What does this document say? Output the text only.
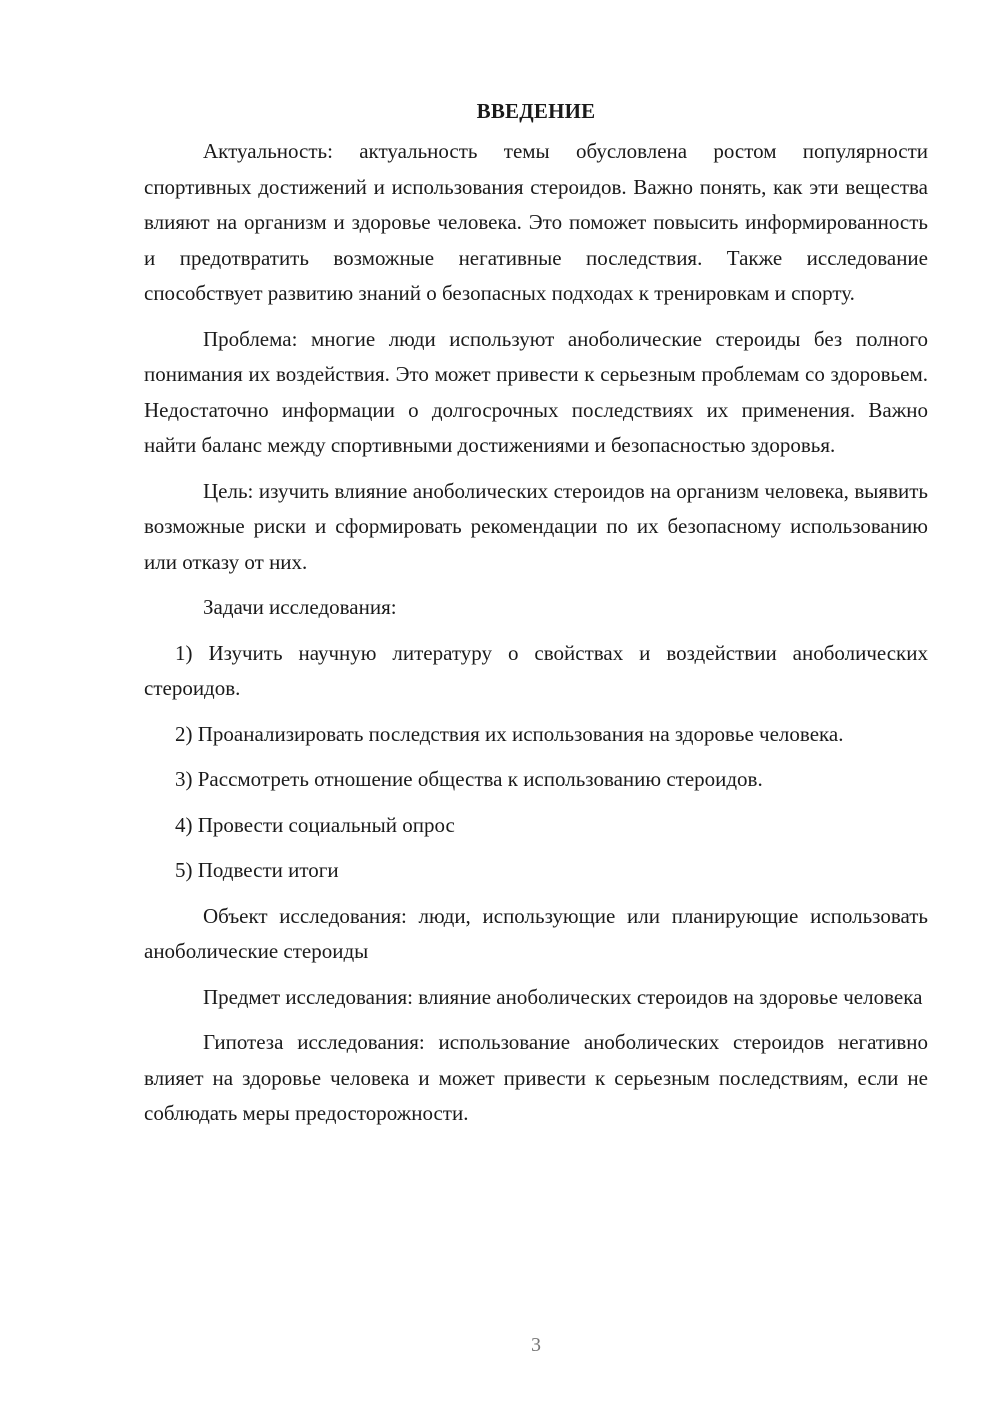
ВВЕДЕНИЕ

Актуальность: актуальность темы обусловлена ростом популярности спортивных достижений и использования стероидов. Важно понять, как эти вещества влияют на организм и здоровье человека. Это поможет повысить информированность и предотвратить возможные негативные последствия. Также исследование способствует развитию знаний о безопасных подходах к тренировкам и спорту.

Проблема: многие люди используют аноболические стероиды без полного понимания их воздействия. Это может привести к серьезным проблемам со здоровьем. Недостаточно информации о долгосрочных последствиях их применения. Важно найти баланс между спортивными достижениями и безопасностью здоровья.

Цель: изучить влияние аноболических стероидов на организм человека, выявить возможные риски и сформировать рекомендации по их безопасному использованию или отказу от них.

Задачи исследования:

1) Изучить научную литературу о свойствах и воздействии аноболических стероидов.

2) Проанализировать последствия их использования на здоровье человека.

3) Рассмотреть отношение общества к использованию стероидов.

4) Провести социальный опрос

5) Подвести итоги

Объект исследования: люди, использующие или планирующие использовать аноболические стероиды

Предмет исследования: влияние аноболических стероидов на здоровье человека

Гипотеза исследования: использование аноболических стероидов негативно влияет на здоровье человека и может привести к серьезным последствиям, если не соблюдать меры предосторожности.

3
